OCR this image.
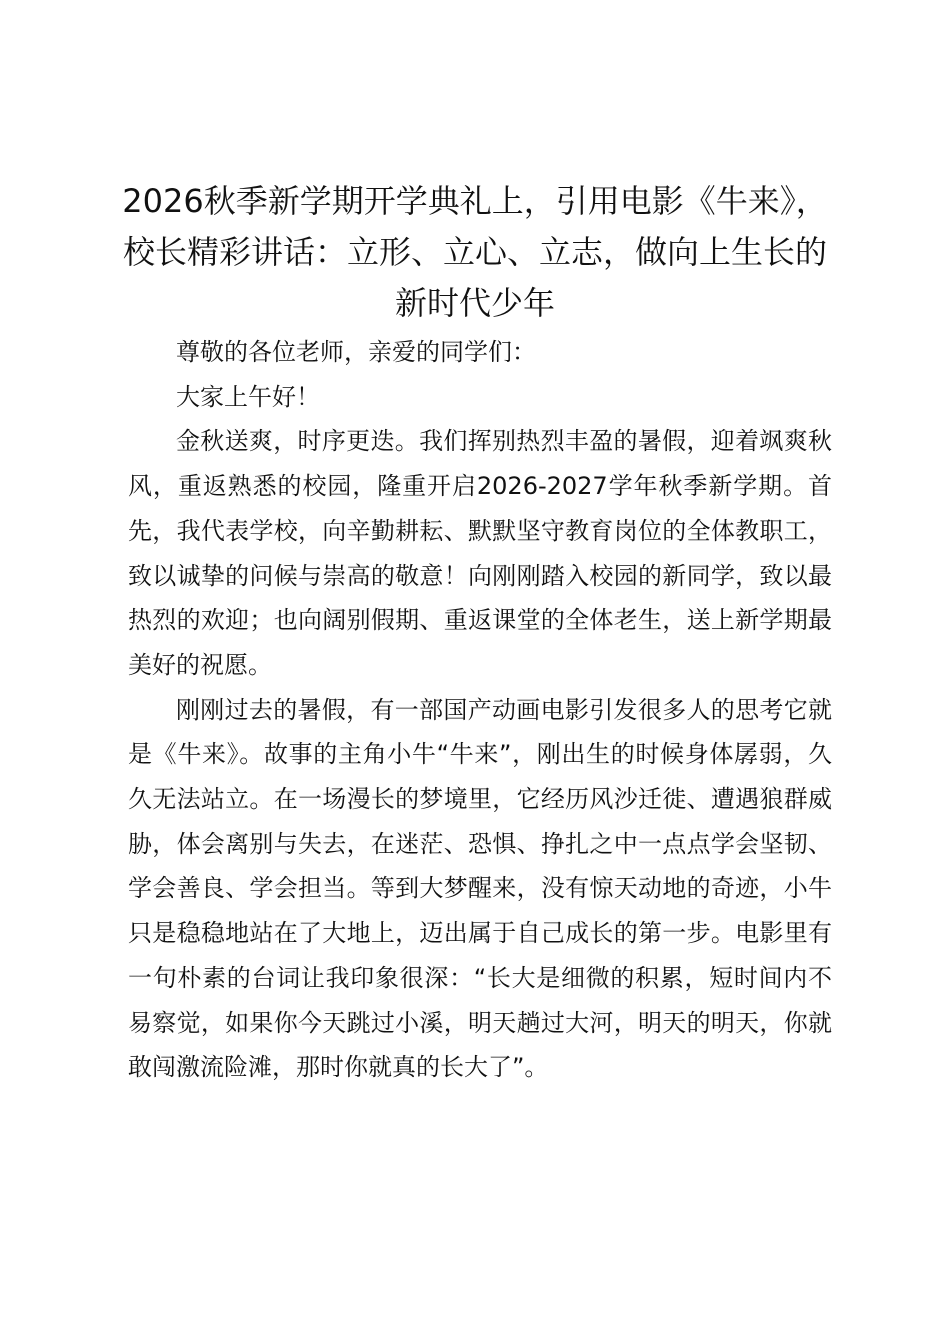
2026秋季新学期开学典礼上，引用电影《牛来》，校长精彩讲话：立形、立心、立志，做向上生长的新时代少年

尊敬的各位老师，亲爱的同学们：

大家上午好！

金秋送爽，时序更迭。我们挥别热烈丰盈的暑假，迎着飒爽秋风，重返熟悉的校园，隆重开启2026-2027学年秋季新学期。首先，我代表学校，向辛勤耕耘、默默坚守教育岗位的全体教职工，致以诚挚的问候与崇高的敬意！向刚刚踏入校园的新同学，致以最热烈的欢迎；也向阔别假期、重返课堂的全体老生，送上新学期最美好的祝愿。

刚刚过去的暑假，有一部国产动画电影引发很多人的思考它就是《牛来》。故事的主角小牛“牛来”，刚出生的时候身体孱弱，久久无法站立。在一场漫长的梦境里，它经历风沙迁徙、遭遇狼群威胁，体会离别与失去，在迷茫、恐惧、挣扎之中一点点学会坚韧、学会善良、学会担当。等到大梦醒来，没有惊天动地的奇迹，小牛只是稳稳地站在了大地上，迈出属于自己成长的第一步。电影里有一句朴素的台词让我印象很深：“长大是细微的积累，短时间内不易察觉，如果你今天跳过小溪，明天趟过大河，明天的明天，你就敢闯激流险滩，那时你就真的长大了”。
